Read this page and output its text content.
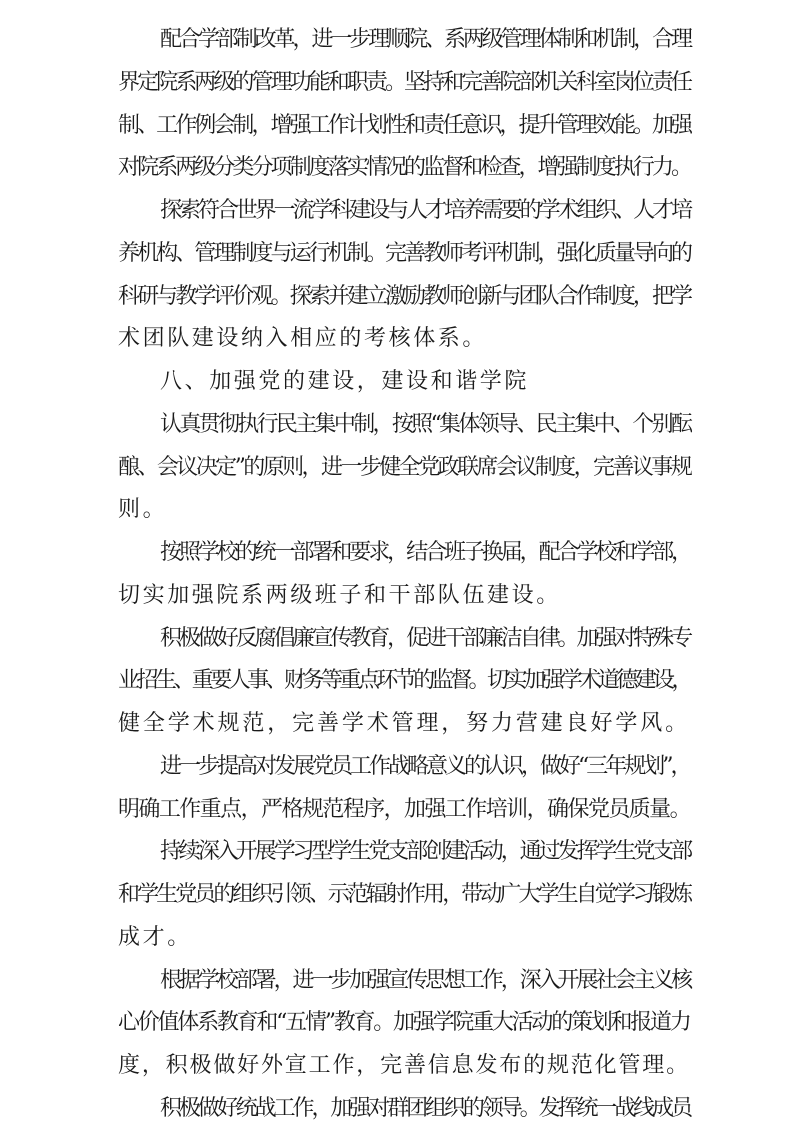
配合学部制改革，进一步理顺院、系两级管理体制和机制，合理
界定院系两级的管理功能和职责。坚持和完善院部机关科室岗位责任
制、工作例会制，增强工作计划性和责任意识，提升管理效能。加强
对院系两级分类分项制度落实情况的监督和检查，增强制度执行力。
探索符合世界一流学科建设与人才培养需要的学术组织、人才培
养机构、管理制度与运行机制。完善教师考评机制，强化质量导向的
科研与教学评价观。探索并建立激励教师创新与团队合作制度，把学
术团队建设纳入相应的考核体系。
八、加强党的建设，建设和谐学院
认真贯彻执行民主集中制，按照“集体领导、民主集中、个别酝
酿、会议决定”的原则，进一步健全党政联席会议制度，完善议事规
则。
按照学校的统一部署和要求，结合班子换届，配合学校和学部，
切实加强院系两级班子和干部队伍建设。
积极做好反腐倡廉宣传教育，促进干部廉洁自律。加强对特殊专
业招生、重要人事、财务等重点环节的监督。切实加强学术道德建设，
健全学术规范，完善学术管理，努力营建良好学风。
进一步提高对发展党员工作战略意义的认识，做好“三年规划”，
明确工作重点，严格规范程序，加强工作培训，确保党员质量。
持续深入开展学习型学生党支部创建活动，通过发挥学生党支部
和学生党员的组织引领、示范辐射作用，带动广大学生自觉学习锻炼
成才。
根据学校部署，进一步加强宣传思想工作，深入开展社会主义核
心价值体系教育和“五情”教育。加强学院重大活动的策划和报道力
度，积极做好外宣工作，完善信息发布的规范化管理。
积极做好统战工作，加强对群团组织的领导。发挥统一战线成员
